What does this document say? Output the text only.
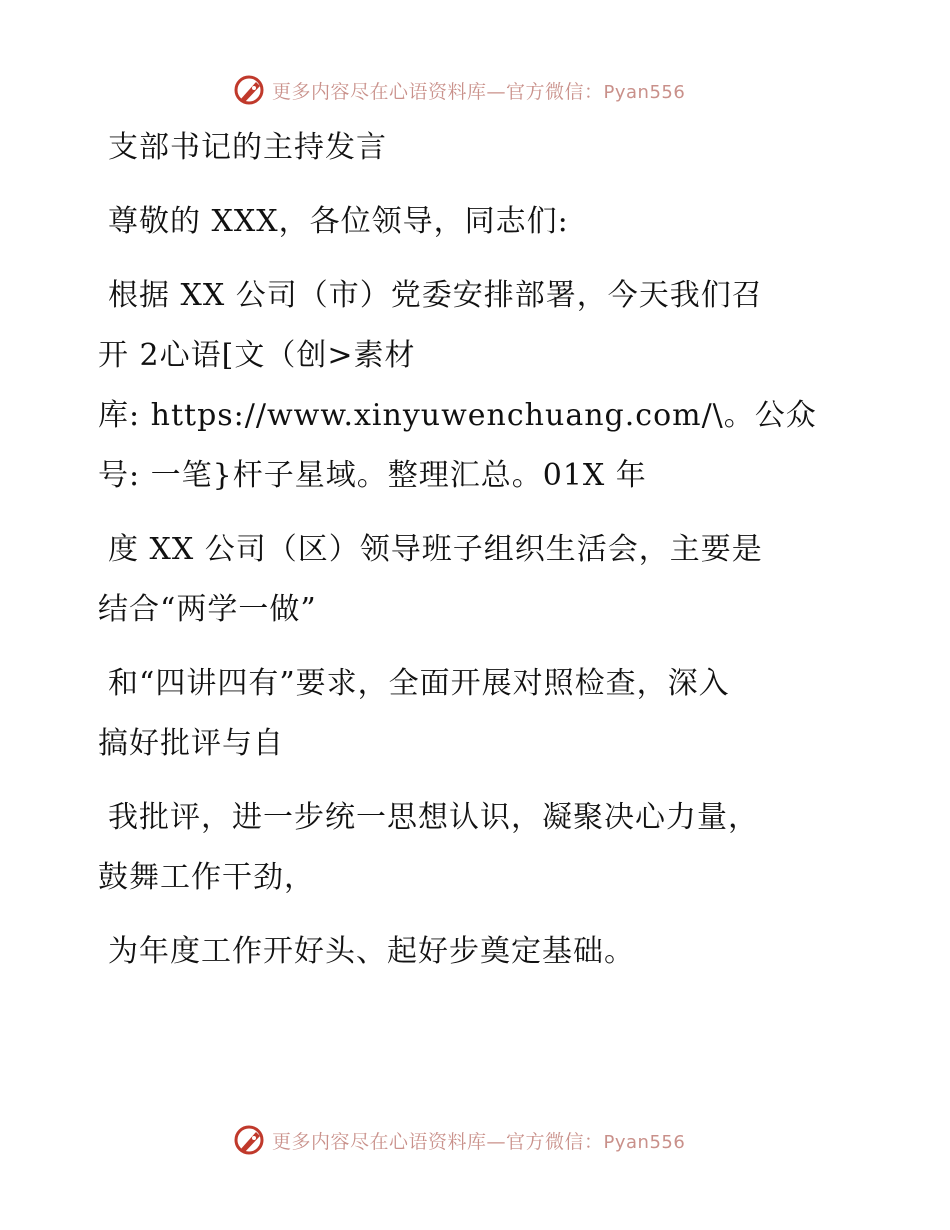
更多内容尽在心语资料库—官方微信：Pyan556
支部书记的主持发言
尊敬的 XXX，各位领导，同志们:
根据 XX 公司（市）党委安排部署，今天我们召
开 2心语[文（创>素材
库: https://www.xinyuwenchuang.com/\。公众
号: 一笔}杆子星域。整理汇总。01X 年
度 XX 公司（区）领导班子组织生活会，主要是
结合“两学一做”
和“四讲四有”要求，全面开展对照检查，深入
搞好批评与自
我批评，进一步统一思想认识，凝聚决心力量，
鼓舞工作干劲，
为年度工作开好头、起好步奠定基础。
更多内容尽在心语资料库—官方微信：Pyan556
